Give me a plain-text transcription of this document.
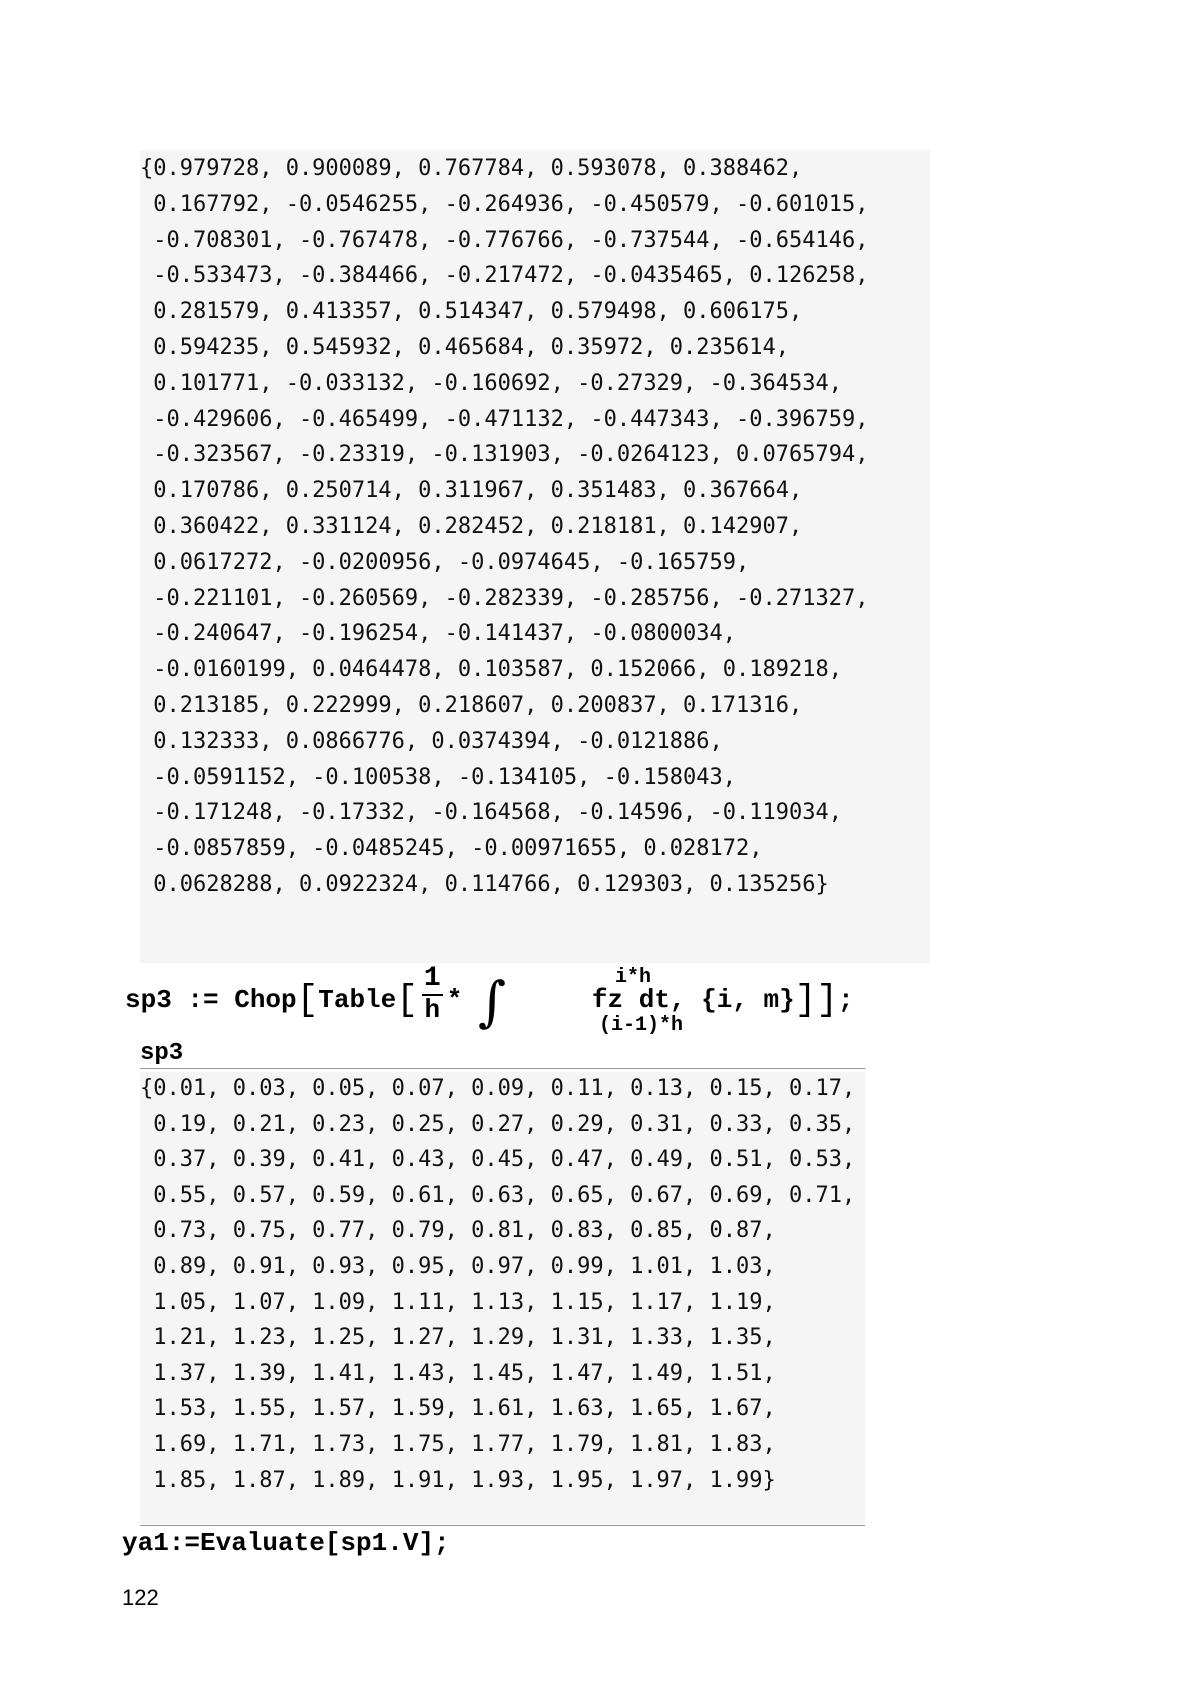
{0.979728, 0.900089, 0.767784, 0.593078, 0.388462,
0.167792, -0.0546255, -0.264936, -0.450579, -0.601015,
-0.708301, -0.767478, -0.776766, -0.737544, -0.654146,
-0.533473, -0.384466, -0.217472, -0.0435465, 0.126258,
0.281579, 0.413357, 0.514347, 0.579498, 0.606175,
0.594235, 0.545932, 0.465684, 0.35972, 0.235614,
0.101771, -0.033132, -0.160692, -0.27329, -0.364534,
-0.429606, -0.465499, -0.471132, -0.447343, -0.396759,
-0.323567, -0.23319, -0.131903, -0.0264123, 0.0765794,
0.170786, 0.250714, 0.311967, 0.351483, 0.367664,
0.360422, 0.331124, 0.282452, 0.218181, 0.142907,
0.0617272, -0.0200956, -0.0974645, -0.165759,
-0.221101, -0.260569, -0.282339, -0.285756, -0.271327,
-0.240647, -0.196254, -0.141437, -0.0800034,
-0.0160199, 0.0464478, 0.103587, 0.152066, 0.189218,
0.213185, 0.222999, 0.218607, 0.200837, 0.171316,
0.132333, 0.0866776, 0.0374394, -0.0121886,
-0.0591152, -0.100538, -0.134105, -0.158043,
-0.171248, -0.17332, -0.164568, -0.14596, -0.119034,
-0.0857859, -0.0485245, -0.00971655, 0.028172,
0.0628288, 0.0922324, 0.114766, 0.129303, 0.135256}
sp3 := Chop[Table[ $\frac{1}{h}$ * ∫	i*h
(i-1)*h
fz dt, {i, m}]];
sp3
{0.01, 0.03, 0.05, 0.07, 0.09, 0.11, 0.13, 0.15, 0.17,
0.19, 0.21, 0.23, 0.25, 0.27, 0.29, 0.31, 0.33, 0.35,
0.37, 0.39, 0.41, 0.43, 0.45, 0.47, 0.49, 0.51, 0.53,
0.55, 0.57, 0.59, 0.61, 0.63, 0.65, 0.67, 0.69, 0.71,
0.73, 0.75, 0.77, 0.79, 0.81, 0.83, 0.85, 0.87,
0.89, 0.91, 0.93, 0.95, 0.97, 0.99, 1.01, 1.03,
1.05, 1.07, 1.09, 1.11, 1.13, 1.15, 1.17, 1.19,
1.21, 1.23, 1.25, 1.27, 1.29, 1.31, 1.33, 1.35,
1.37, 1.39, 1.41, 1.43, 1.45, 1.47, 1.49, 1.51,
1.53, 1.55, 1.57, 1.59, 1.61, 1.63, 1.65, 1.67,
1.69, 1.71, 1.73, 1.75, 1.77, 1.79, 1.81, 1.83,
1.85, 1.87, 1.89, 1.91, 1.93, 1.95, 1.97, 1.99}
ya1:=Evaluate[sp1.V];
122
